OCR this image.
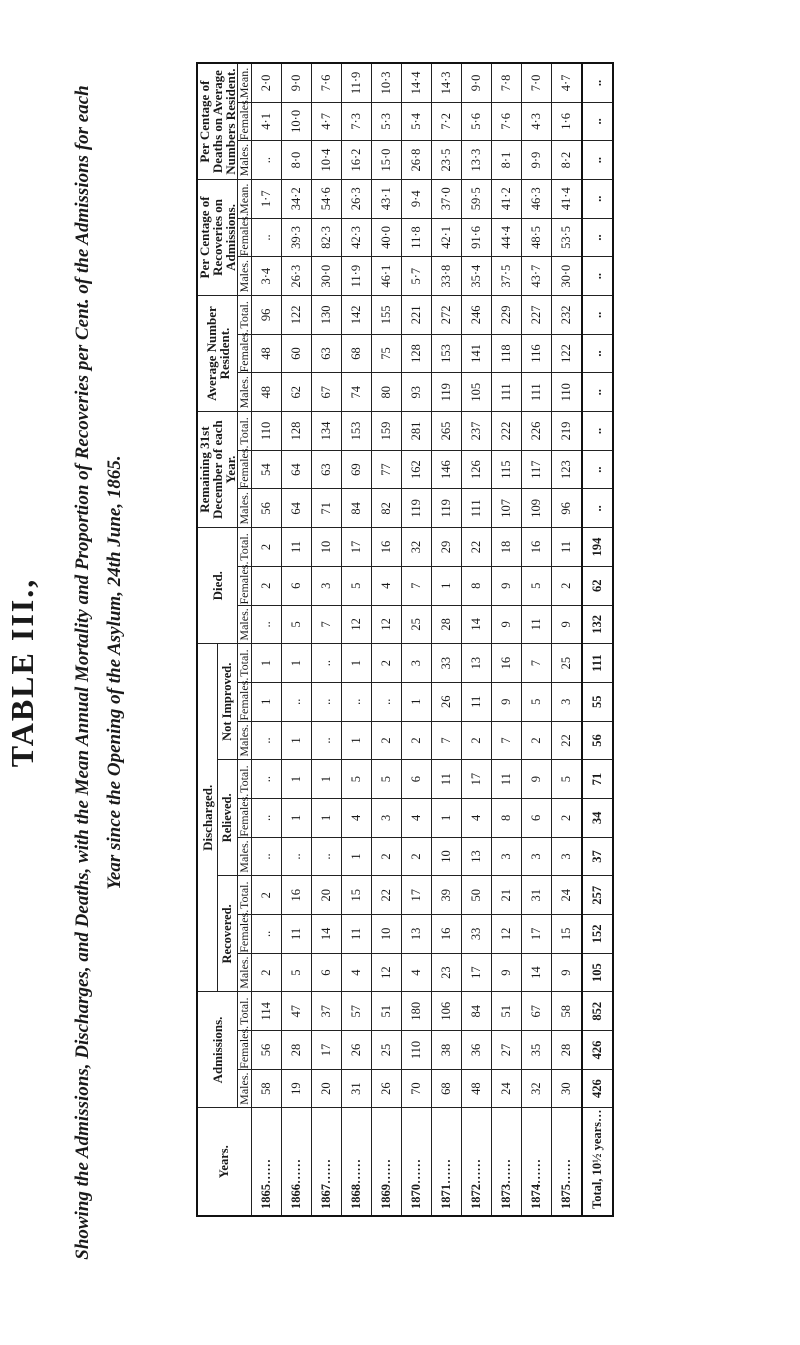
TABLE III., Showing the Admissions, Discharges, and Deaths, with the Mean Annual Mortality and Proportion of Recoveries per Cent. of the Admissions for each Year since the Opening of the Asylum, 24th June, 1865.
Years.	Admissions.			Discharged.									Died.			Remaining 31st December of each Year.			Average Number Resident.			Per Centage of Recoveries on Admissions.			Per Centage of Deaths on Average Numbers Resident.		
				Recovered.			Relieved.			Not Improved.																	
	Males.	Females.	Total.	Males.	Females.	Total.	Males.	Females.	Total.	Males.	Females.	Total.	Males.	Females.	Total.	Males.	Females.	Total.	Males.	Females.	Total.	Males.	Females.	Mean.	Males.	Females.	Mean.
1865……	58	56	114	2	..	2	..	..	..	..	1	1	..	2	2	56	54	110	48	48	96	3·4	..	1·7	..	4·1	2·0
1866……	19	28	47	5	11	16	..	1	1	1	..	1	5	6	11	64	64	128	62	60	122	26·3	39·3	34·2	8·0	10·0	9·0
1867……	20	17	37	6	14	20	..	1	1	..	..	..	7	3	10	71	63	134	67	63	130	30·0	82·3	54·6	10·4	4·7	7·6
1868……	31	26	57	4	11	15	1	4	5	1	..	1	12	5	17	84	69	153	74	68	142	11·9	42·3	26·3	16·2	7·3	11·9
1869……	26	25	51	12	10	22	2	3	5	2	..	2	12	4	16	82	77	159	80	75	155	46·1	40·0	43·1	15·0	5·3	10·3
1870……	70	110	180	4	13	17	2	4	6	2	1	3	25	7	32	119	162	281	93	128	221	5·7	11·8	9·4	26·8	5·4	14·4
1871……	68	38	106	23	16	39	10	1	11	7	26	33	28	1	29	119	146	265	119	153	272	33·8	42·1	37·0	23·5	7·2	14·3
1872……	48	36	84	17	33	50	13	4	17	2	11	13	14	8	22	111	126	237	105	141	246	35·4	91·6	59·5	13·3	5·6	9·0
1873……	24	27	51	9	12	21	3	8	11	7	9	16	9	9	18	107	115	222	111	118	229	37·5	44·4	41·2	8·1	7·6	7·8
1874……	32	35	67	14	17	31	3	6	9	2	5	7	11	5	16	109	117	226	111	116	227	43·7	48·5	46·3	9·9	4·3	7·0
1875……	30	28	58	9	15	24	3	2	5	22	3	25	9	2	11	96	123	219	110	122	232	30·0	53·5	41·4	8·2	1·6	4·7
Total, 10½ years…	426	426	852	105	152	257	37	34	71	56	55	111	132	62	194	..	..	..	..	..	..	..	..	..	..	..	..
